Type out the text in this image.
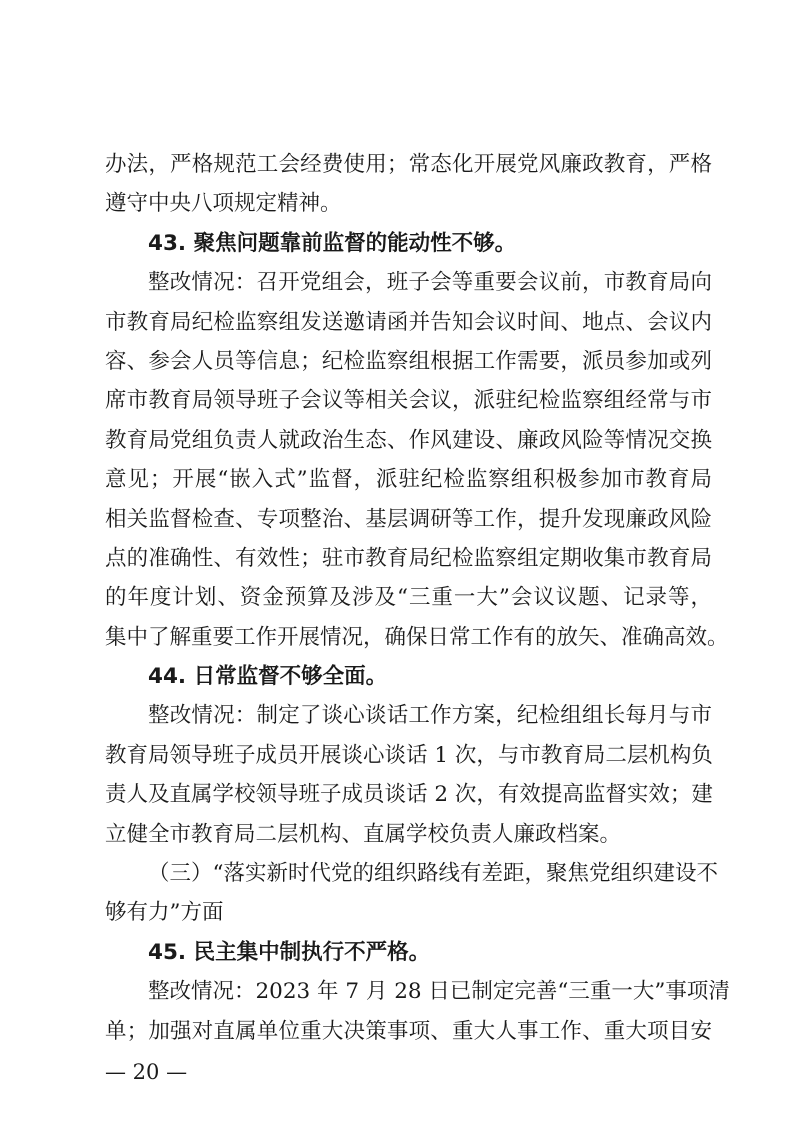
办法，严格规范工会经费使用；常态化开展党风廉政教育，严格
遵守中央八项规定精神。
43. 聚焦问题靠前监督的能动性不够。
整改情况：召开党组会，班子会等重要会议前，市教育局向
市教育局纪检监察组发送邀请函并告知会议时间、地点、会议内
容、参会人员等信息；纪检监察组根据工作需要，派员参加或列
席市教育局领导班子会议等相关会议，派驻纪检监察组经常与市
教育局党组负责人就政治生态、作风建设、廉政风险等情况交换
意见；开展“嵌入式”监督，派驻纪检监察组积极参加市教育局
相关监督检查、专项整治、基层调研等工作，提升发现廉政风险
点的准确性、有效性；驻市教育局纪检监察组定期收集市教育局
的年度计划、资金预算及涉及“三重一大”会议议题、记录等，
集中了解重要工作开展情况，确保日常工作有的放矢、准确高效。
44. 日常监督不够全面。
整改情况：制定了谈心谈话工作方案，纪检组组长每月与市
教育局领导班子成员开展谈心谈话 1 次，与市教育局二层机构负
责人及直属学校领导班子成员谈话 2 次，有效提高监督实效；建
立健全市教育局二层机构、直属学校负责人廉政档案。
（三）“落实新时代党的组织路线有差距，聚焦党组织建设不
够有力”方面
45. 民主集中制执行不严格。
整改情况：2023 年 7 月 28 日已制定完善“三重一大”事项清
单；加强对直属单位重大决策事项、重大人事工作、重大项目安
— 20 —
